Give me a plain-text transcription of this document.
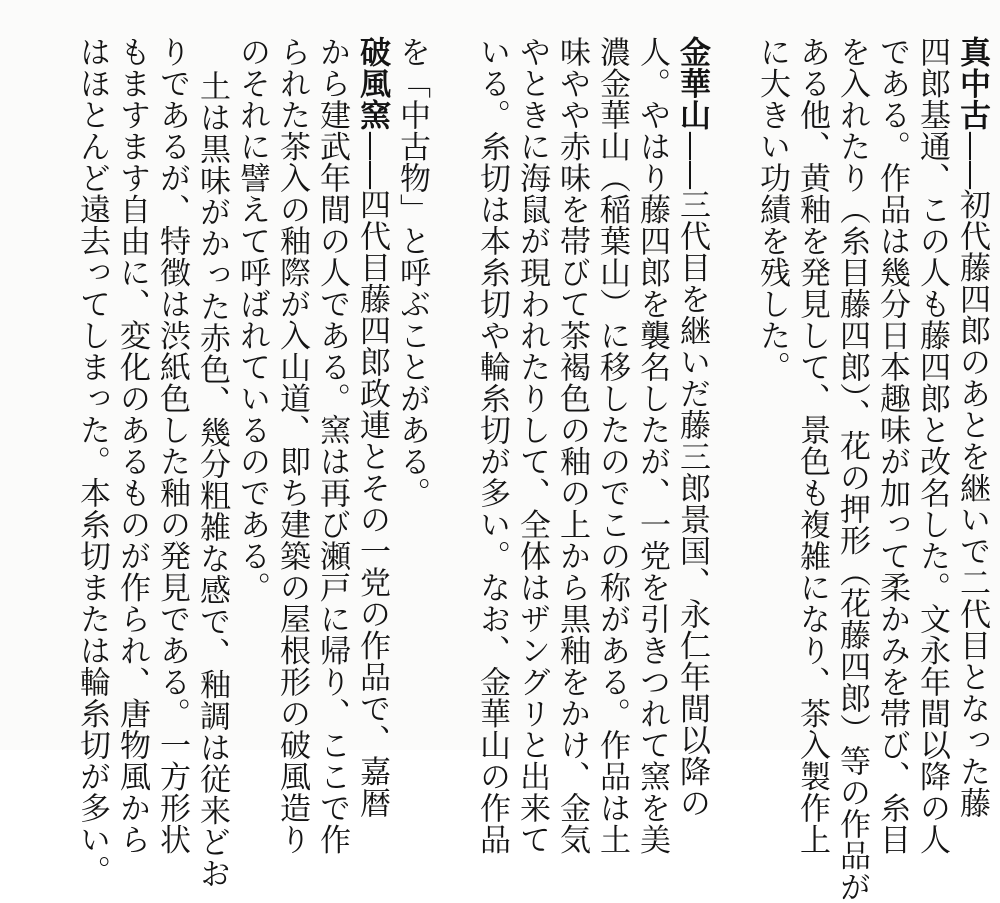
真中古——初代藤四郎のあとを継いで二代目となった藤
四郎基通、この人も藤四郎と改名した。文永年間以降の人
である。作品は幾分日本趣味が加って柔かみを帯び、糸目
を入れたり（糸目藤四郎）、花の押形（花藤四郎）等の作品が
ある他、黄釉を発見して、景色も複雑になり、茶入製作上
に大きい功績を残した。
金華山——三代目を継いだ藤三郎景国、永仁年間以降の
人。やはり藤四郎を襲名したが、一党を引きつれて窯を美
濃金華山（稲葉山）に移したのでこの称がある。作品は土
味やや赤味を帯びて茶褐色の釉の上から黒釉をかけ、金気
やときに海鼠が現われたりして、全体はザングリと出来て
いる。糸切は本糸切や輪糸切が多い。なお、金華山の作品
を「中古物」と呼ぶことがある。
破風窯——四代目藤四郎政連とその一党の作品で、嘉暦
から建武年間の人である。窯は再び瀬戸に帰り、ここで作
られた茶入の釉際が入山道、即ち建築の屋根形の破風造り
のそれに譬えて呼ばれているのである。
土は黒味がかった赤色、幾分粗雑な感で、釉調は従来どお
りであるが、特徴は渋紙色した釉の発見である。一方形状
もますます自由に、変化のあるものが作られ、唐物風から
はほとんど遠去ってしまった。本糸切または輪糸切が多い。
